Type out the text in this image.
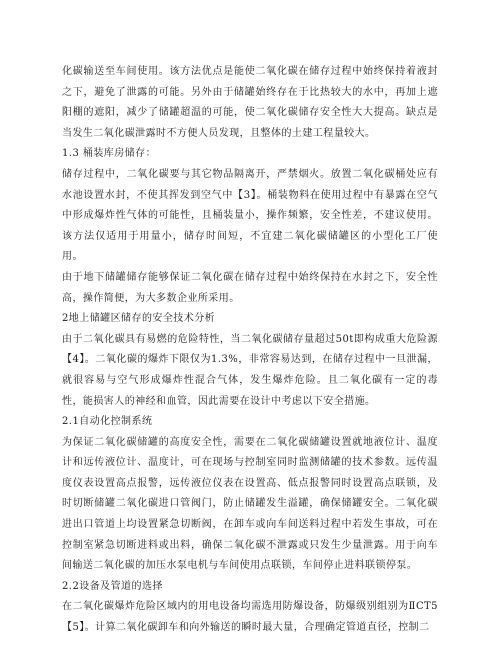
化碳输送至车间使用。该方法优点是能使二氧化碳在储存过程中始终保持着液封之下，避免了泄露的可能。另外由于储罐始终存在于比热较大的水中，再加上遮阳棚的遮阳，减少了储罐超温的可能，使二氧化碳储存安全性大大提高。缺点是当发生二氧化碳泄露时不方便人员发现，且整体的土建工程量较大。

1.3 桶装库房储存：

储存过程中，二氧化碳要与其它物品隔离开，严禁烟火。放置二氧化碳桶处应有水池设置水封，不使其挥发到空气中【3】。桶装物料在使用过程中有暴露在空气中形成爆炸性气体的可能性，且桶装量小，操作频繁，安全性差，不建议使用。该方法仅适用于用量小，储存时间短，不宜建二氧化碳储罐区的小型化工厂使用。

由于地下储罐储存能够保证二氧化碳在储存过程中始终保持在水封之下，安全性高，操作简便，为大多数企业所采用。

2地上储罐区储存的安全技术分析

由于二氧化碳具有易燃的危险特性，当二氧化碳储存量超过50t即构成重大危险源【4】。二氧化碳的爆炸下限仅为1.3%，非常容易达到，在储存过程中一旦泄漏，就很容易与空气形成爆炸性混合气体，发生爆炸危险。且二氧化碳有一定的毒性，能损害人的神经和血管，因此需要在设计中考虑以下安全措施。

2.1自动化控制系统

为保证二氧化碳储罐的高度安全性，需要在二氧化碳储罐设置就地液位计、温度计和远传液位计、温度计，可在现场与控制室同时监测储罐的技术参数。远传温度仪表设置高点报警，远传液位仪表在设置高、低点报警同时设置高点联锁，及时切断储罐二氧化碳进口管阀门，防止储罐发生溢罐，确保储罐安全。二氧化碳进出口管道上均设置紧急切断阀，在卸车或向车间送料过程中若发生事故，可在控制室紧急切断进料或出料，确保二氧化碳不泄露或只发生少量泄露。用于向车间输送二氧化碳的加压水泵电机与车间使用点联锁，车间停止进料联锁停泵。

2.2设备及管道的选择

在二氧化碳爆炸危险区域内的用电设备均需选用防爆设备，防爆级别组别为ⅡCT5【5】。计算二氧化碳卸车和向外输送的瞬时最大量，合理确定管道直径，控制二
